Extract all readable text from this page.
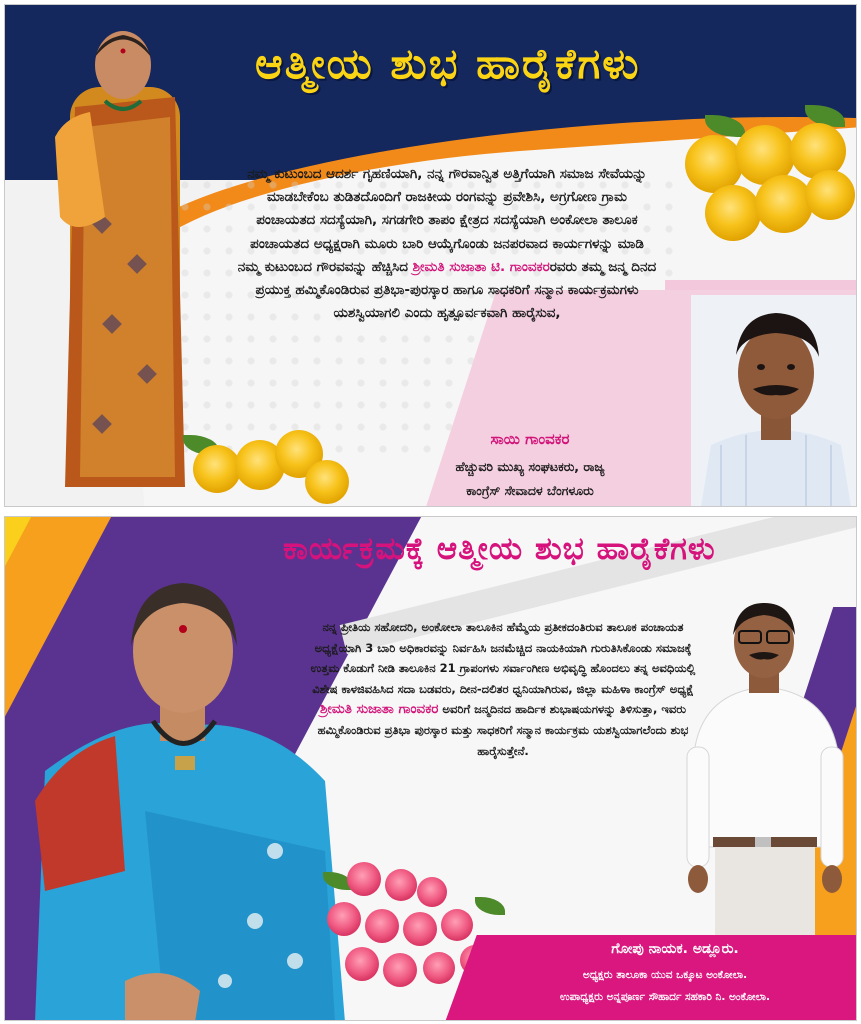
ಆತ್ಮೀಯ ಶುಭ ಹಾರೈಕೆಗಳು

ನಮ್ಮ ಕುಟುಂಬದ ಆದರ್ಶ ಗೃಹಣಿಯಾಗಿ, ನನ್ನ ಗೌರವಾನ್ವಿತ ಅತ್ತಿಗೆಯಾಗಿ ಸಮಾಜ ಸೇವೆಯನ್ನು ಮಾಡಬೇಕೆಂಬ ತುಡಿತದೊಂದಿಗೆ ರಾಜಕೀಯ ರಂಗವನ್ನು ಪ್ರವೇಶಿಸಿ, ಅಗ್ರಗೋಣ ಗ್ರಾಮ ಪಂಚಾಯತದ ಸದಸ್ಯೆಯಾಗಿ, ಸಗಡಗೇರಿ ತಾಪಂ ಕ್ಷೇತ್ರದ ಸದಸ್ಯೆಯಾಗಿ ಅಂಕೋಲಾ ತಾಲೂಕ ಪಂಚಾಯತದ ಅಧ್ಯಕ್ಷರಾಗಿ ಮೂರು ಬಾರಿ ಆಯ್ಕೆಗೊಂಡು ಜನಪರವಾದ ಕಾರ್ಯಗಳನ್ನು ಮಾಡಿ ನಮ್ಮ ಕುಟುಂಬದ ಗೌರವವನ್ನು ಹೆಚ್ಚಿಸಿದ ಶ್ರೀಮತಿ ಸುಜಾತಾ ಟಿ. ಗಾಂವಕರರವರು ತಮ್ಮ ಜನ್ಮ ದಿನದ ಪ್ರಯುಕ್ತ ಹಮ್ಮಿಕೊಂಡಿರುವ ಪ್ರತಿಭಾ-ಪುರಸ್ಕಾರ ಹಾಗೂ ಸಾಧಕರಿಗೆ ಸನ್ಮಾನ ಕಾರ್ಯಕ್ರಮಗಳು ಯಶಸ್ವಿಯಾಗಲಿ ಎಂದು ಹೃತ್ಪೂರ್ವಕವಾಗಿ ಹಾರೈಸುವ,

ಸಾಯಿ ಗಾಂವಕರ
ಹೆಚ್ಚುವರಿ ಮುಖ್ಯ ಸಂಘಟಕರು, ರಾಜ್ಯ
ಕಾಂಗ್ರೆಸ್ ಸೇವಾದಳ ಬೆಂಗಳೂರು
ಕಾರ್ಯಕ್ರಮಕ್ಕೆ ಆತ್ಮೀಯ ಶುಭ ಹಾರೈಕೆಗಳು

ನನ್ನ ಪ್ರೀತಿಯ ಸಹೋದರಿ, ಅಂಕೋಲಾ ತಾಲೂಕಿನ ಹೆಮ್ಮೆಯ ಪ್ರತೀಕದಂತಿರುವ ತಾಲೂಕ ಪಂಚಾಯತ ಅಧ್ಯಕ್ಷೆಯಾಗಿ 3 ಬಾರಿ ಅಧಿಕಾರವನ್ನು ನಿರ್ವಹಿಸಿ ಜನಮೆಚ್ಚಿದ ನಾಯಕಿಯಾಗಿ ಗುರುತಿಸಿಕೊಂಡು ಸಮಾಜಕ್ಕೆ ಉತ್ತಮ ಕೊಡುಗೆ ನೀಡಿ ತಾಲೂಕಿನ 21 ಗ್ರಾಪಂಗಳು ಸರ್ವಾಂಗೀಣ ಅಭಿವೃದ್ಧಿ ಹೊಂದಲು ತನ್ನ ಅವಧಿಯಲ್ಲಿ ವಿಶೇಷ ಕಾಳಜಿವಹಿಸಿದ ಸದಾ ಬಡವರು, ದೀನ-ದಲಿತರ ಧ್ವನಿಯಾಗಿರುವ, ಜಿಲ್ಲಾ ಮಹಿಳಾ ಕಾಂಗ್ರೆಸ್ ಅಧ್ಯಕ್ಷೆ
ಶ್ರೀಮತಿ ಸುಜಾತಾ ಗಾಂವಕರ ಅವರಿಗೆ ಜನ್ಮದಿನದ ಹಾರ್ದಿಕ ಶುಭಾಷಯಗಳನ್ನು ತಿಳಿಸುತ್ತಾ, ಇವರು ಹಮ್ಮಿಕೊಂಡಿರುವ ಪ್ರತಿಭಾ ಪುರಸ್ಕಾರ ಮತ್ತು ಸಾಧಕರಿಗೆ ಸನ್ಮಾನ ಕಾರ್ಯಕ್ರಮ ಯಶಸ್ವಿಯಾಗಲೆಂದು ಶುಭ ಹಾರೈಸುತ್ತೇನೆ.

ಗೋಪು ನಾಯಕ. ಅಡ್ಲೂರು.
ಅಧ್ಯಕ್ಷರು ತಾಲೂಕಾ ಯುವ ಒಕ್ಕೂಟ ಅಂಕೋಲಾ.
ಉಪಾಧ್ಯಕ್ಷರು ಅನ್ನಪೂರ್ಣ ಸೌಹಾರ್ದ ಸಹಕಾರಿ ನಿ. ಅಂಕೋಲಾ.
